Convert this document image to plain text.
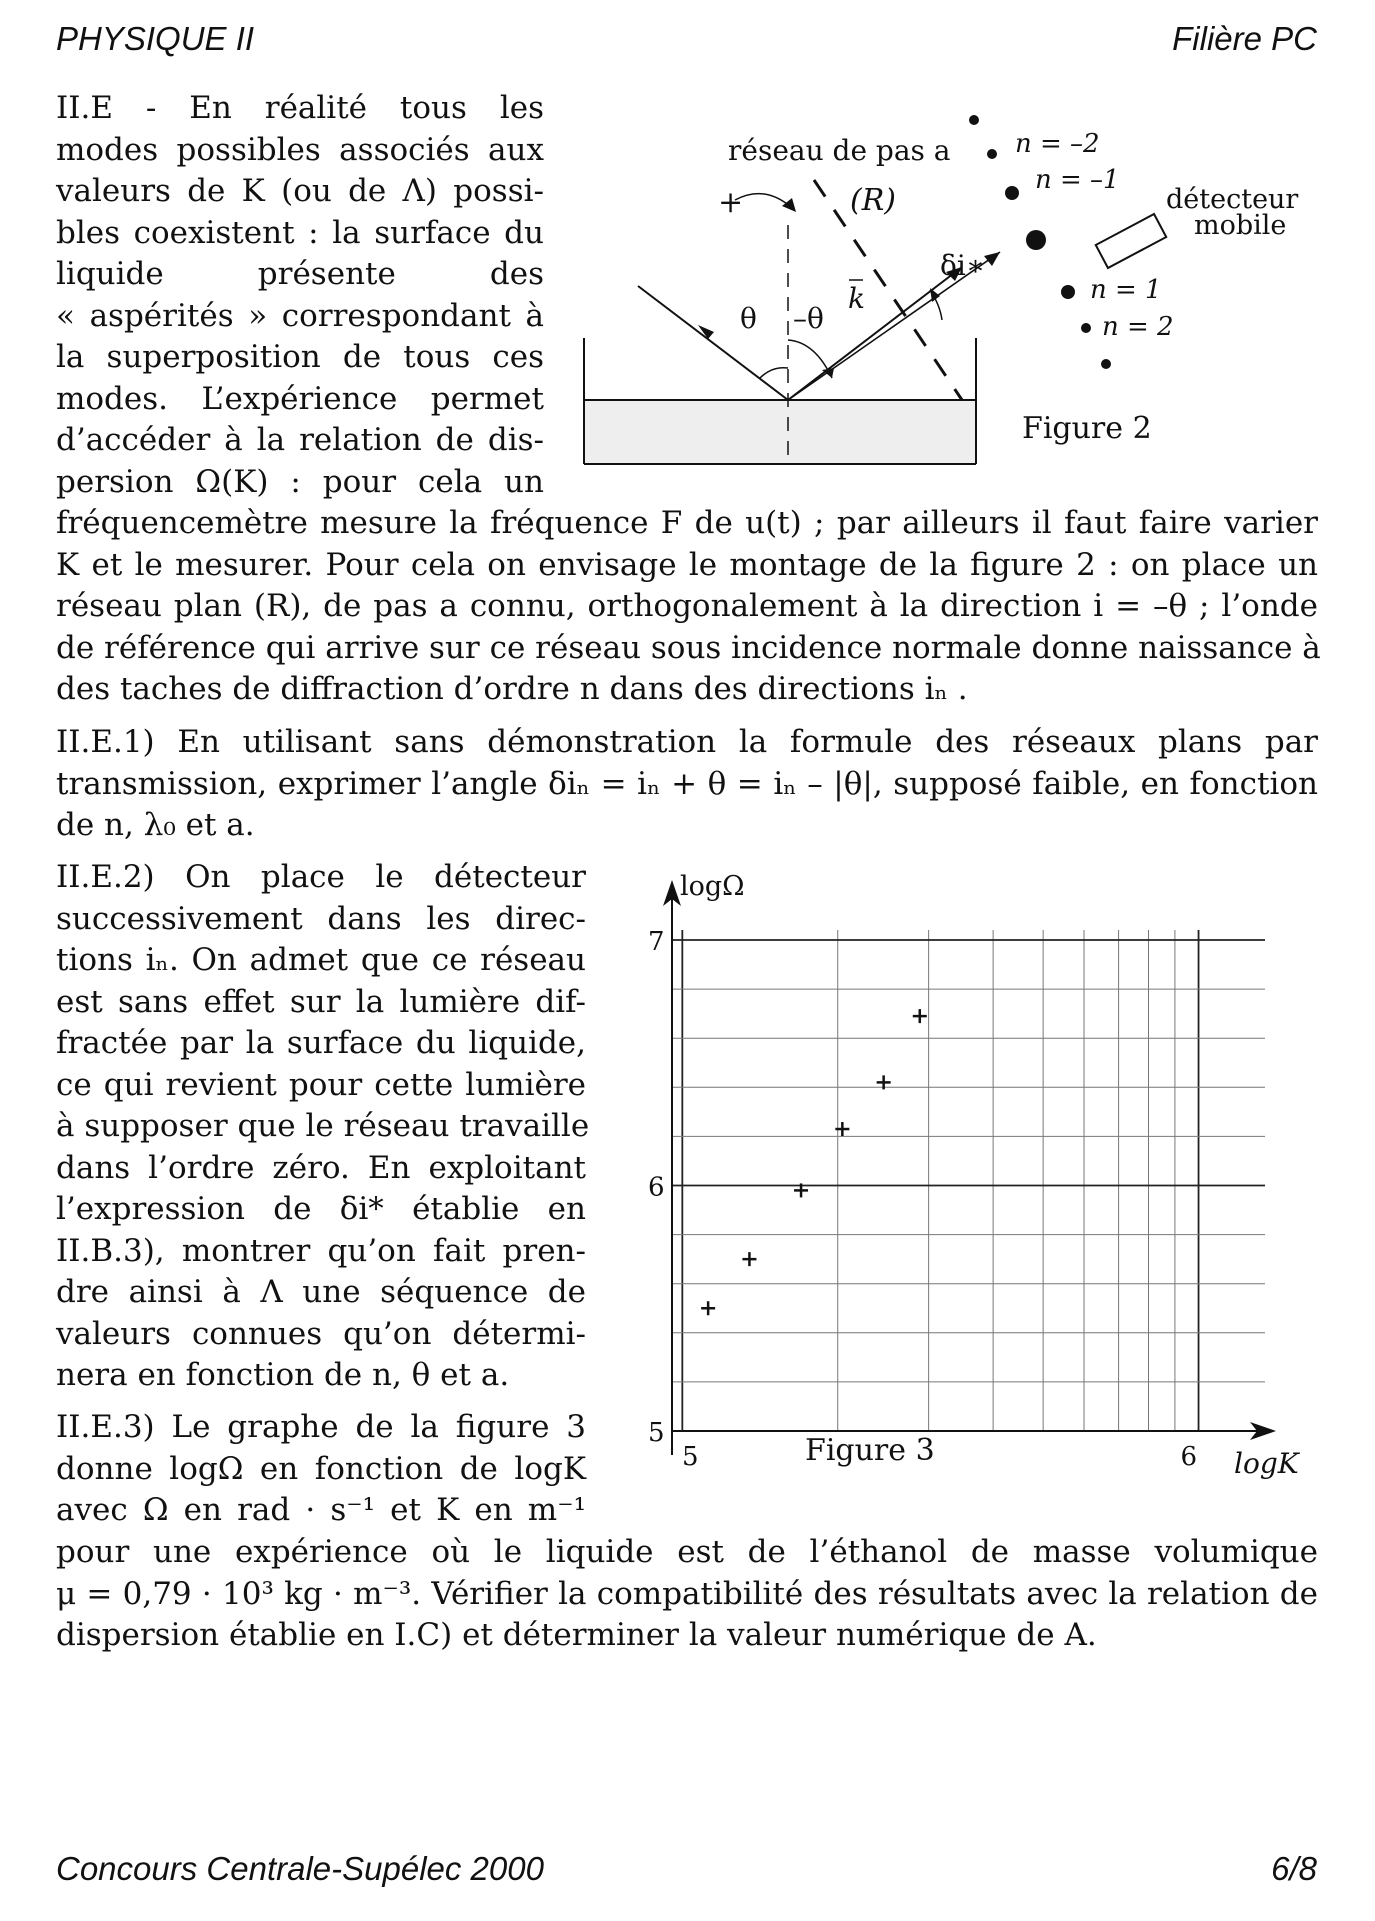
PHYSIQUE II	Filière PC
II.E - En réalité tous les
modes possibles associés aux
valeurs de K (ou de Λ) possi-
bles coexistent : la surface du
liquide présente des
« aspérités » correspondant à
la superposition de tous ces
modes. L’expérience permet
d’accéder à la relation de dis-
persion Ω(K) : pour cela un
fréquencemètre mesure la fréquence F de u(t) ; par ailleurs il faut faire varier
K et le mesurer. Pour cela on envisage le montage de la figure 2 : on place un
réseau plan (R), de pas a connu, orthogonalement à la direction i = –θ ; l’onde
de référence qui arrive sur ce réseau sous incidence normale donne naissance à
des taches de diffraction d’ordre n dans des directions iₙ .
II.E.1) En utilisant sans démonstration la formule des réseaux plans par
transmission, exprimer l’angle δiₙ = iₙ + θ = iₙ – |θ|, supposé faible, en fonction
de n, λ₀ et a.
II.E.2) On place le détecteur
successivement dans les direc-
tions iₙ. On admet que ce réseau
est sans effet sur la lumière dif-
fractée par la surface du liquide,
ce qui revient pour cette lumière
à supposer que le réseau travaille
dans l’ordre zéro. En exploitant
l’expression de δi* établie en
II.B.3), montrer qu’on fait pren-
dre ainsi à Λ une séquence de
valeurs connues qu’on détermi-
nera en fonction de n, θ et a.
II.E.3) Le graphe de la figure 3
donne logΩ en fonction de logK
avec Ω en rad · s⁻¹ et K en m⁻¹
pour une expérience où le liquide est de l’éthanol de masse volumique
μ = 0,79 · 10³ kg · m⁻³. Vérifier la compatibilité des résultats avec la relation de
dispersion établie en I.C) et déterminer la valeur numérique de A.
+
réseau de pas a
(R)
θ –θ
k
δi∗
n = –2
n = –1
n = 1
n = 2
détecteur
mobile
Figure 2
5
6
7
5	6
logΩ
logK
Figure 3
Concours Centrale-Supélec 2000	6/8
